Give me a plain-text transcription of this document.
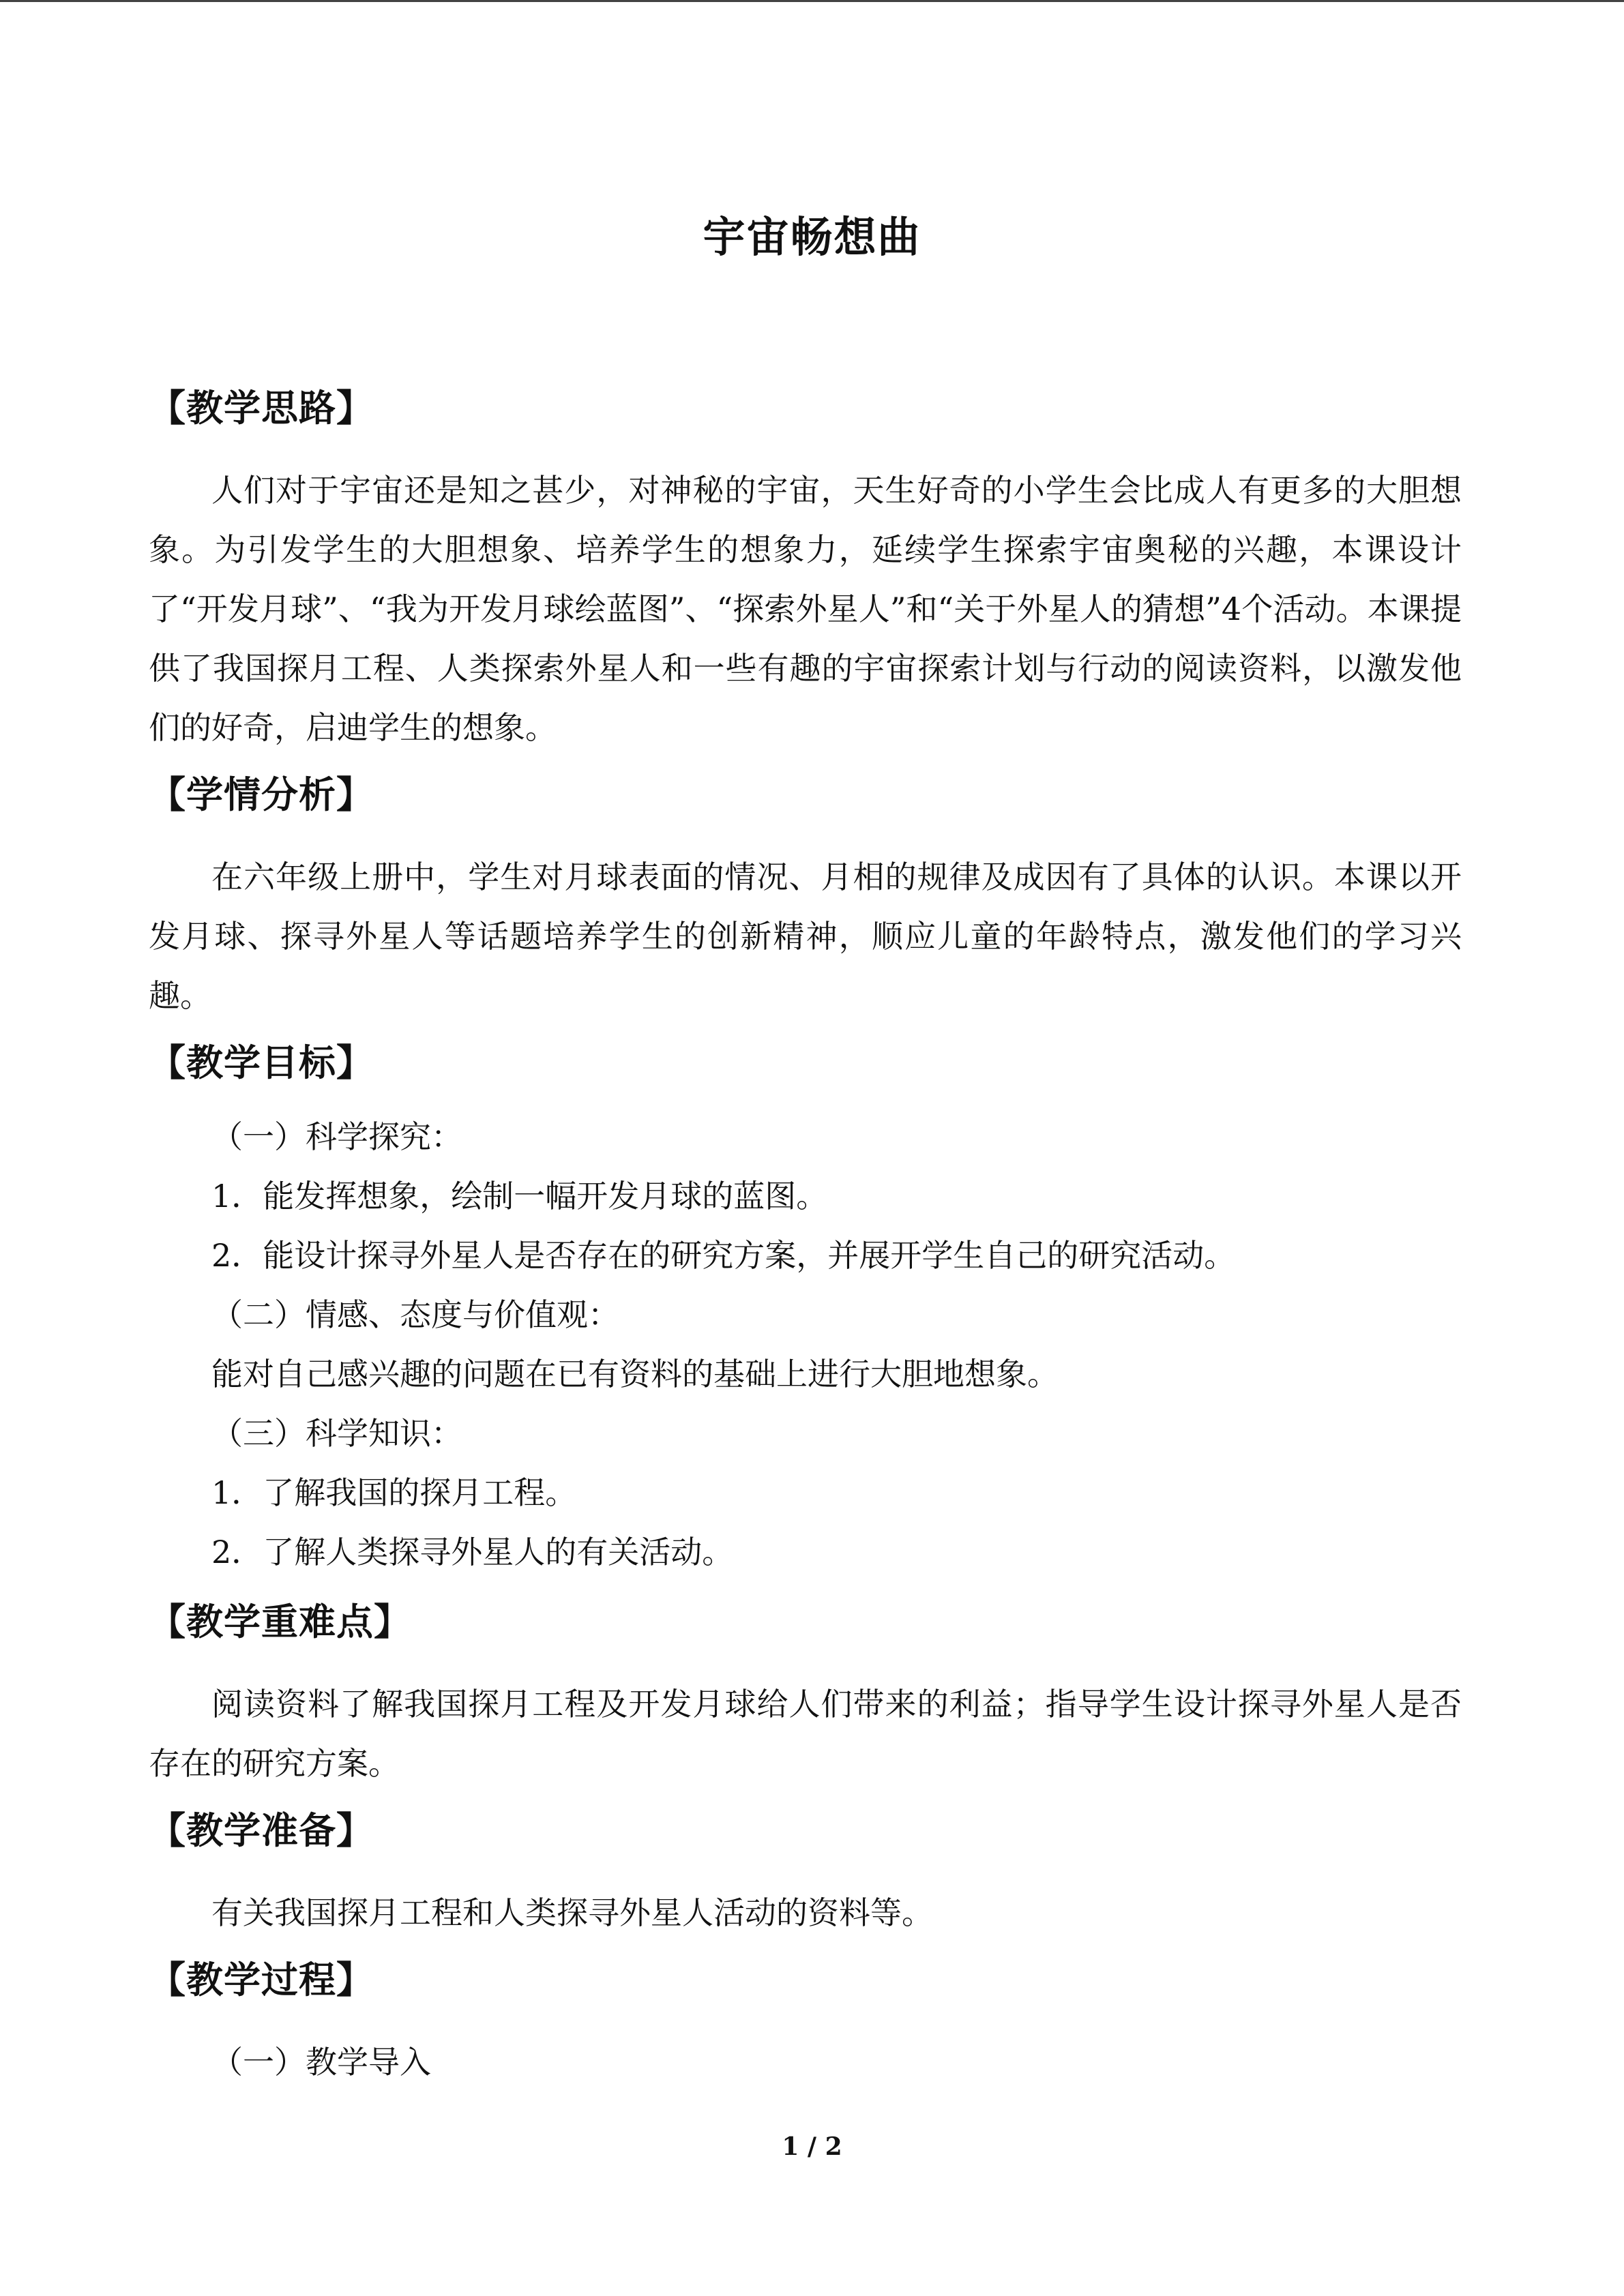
宇宙畅想曲
【教学思路】

人们对于宇宙还是知之甚少，对神秘的宇宙，天生好奇的小学生会比成人有更多的大胆想象。为引发学生的大胆想象、培养学生的想象力，延续学生探索宇宙奥秘的兴趣，本课设计了“开发月球”、“我为开发月球绘蓝图”、“探索外星人”和“关于外星人的猜想”4个活动。本课提供了我国探月工程、人类探索外星人和一些有趣的宇宙探索计划与行动的阅读资料，以激发他们的好奇，启迪学生的想象。

【学情分析】

在六年级上册中，学生对月球表面的情况、月相的规律及成因有了具体的认识。本课以开发月球、探寻外星人等话题培养学生的创新精神，顺应儿童的年龄特点，激发他们的学习兴趣。

【教学目标】

（一）科学探究：

1．能发挥想象，绘制一幅开发月球的蓝图。

2．能设计探寻外星人是否存在的研究方案，并展开学生自己的研究活动。

（二）情感、态度与价值观：

能对自己感兴趣的问题在已有资料的基础上进行大胆地想象。

（三）科学知识：

1．了解我国的探月工程。

2．了解人类探寻外星人的有关活动。

【教学重难点】

阅读资料了解我国探月工程及开发月球给人们带来的利益；指导学生设计探寻外星人是否存在的研究方案。

【教学准备】

有关我国探月工程和人类探寻外星人活动的资料等。

【教学过程】

（一）教学导入

1 / 2
